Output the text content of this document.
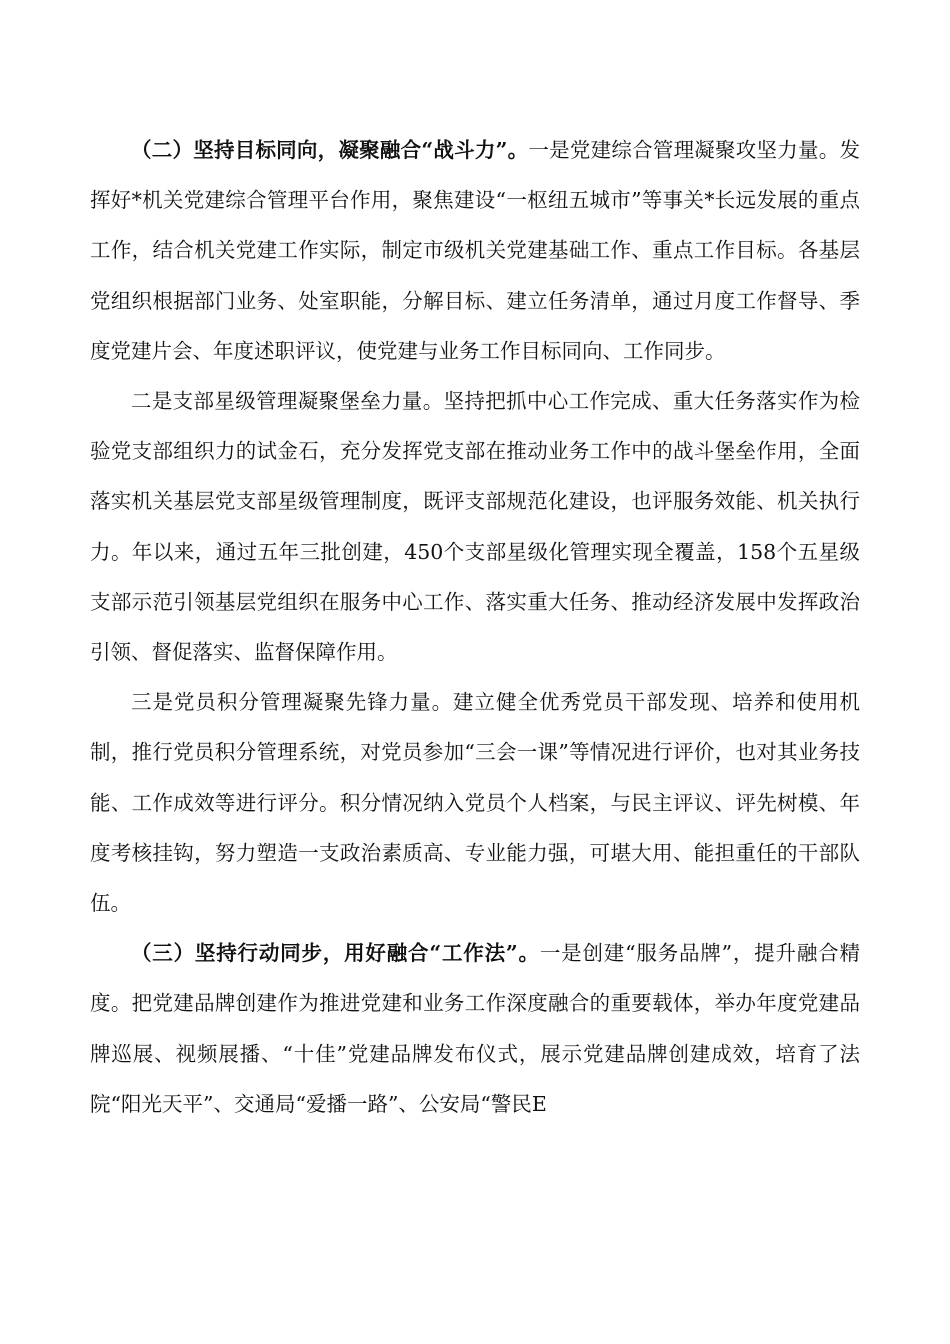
（二）坚持目标同向，凝聚融合“战斗力”。一是党建综合管理凝聚攻坚力量。发挥好*机关党建综合管理平台作用，聚焦建设“一枢纽五城市”等事关*长远发展的重点工作，结合机关党建工作实际，制定市级机关党建基础工作、重点工作目标。各基层党组织根据部门业务、处室职能，分解目标、建立任务清单，通过月度工作督导、季度党建片会、年度述职评议，使党建与业务工作目标同向、工作同步。

二是支部星级管理凝聚堡垒力量。坚持把抓中心工作完成、重大任务落实作为检验党支部组织力的试金石，充分发挥党支部在推动业务工作中的战斗堡垒作用，全面落实机关基层党支部星级管理制度，既评支部规范化建设，也评服务效能、机关执行力。年以来，通过五年三批创建，450个支部星级化管理实现全覆盖，158个五星级支部示范引领基层党组织在服务中心工作、落实重大任务、推动经济发展中发挥政治引领、督促落实、监督保障作用。

三是党员积分管理凝聚先锋力量。建立健全优秀党员干部发现、培养和使用机制，推行党员积分管理系统，对党员参加“三会一课”等情况进行评价，也对其业务技能、工作成效等进行评分。积分情况纳入党员个人档案，与民主评议、评先树模、年度考核挂钩，努力塑造一支政治素质高、专业能力强，可堪大用、能担重任的干部队伍。

（三）坚持行动同步，用好融合“工作法”。一是创建“服务品牌”，提升融合精度。把党建品牌创建作为推进党建和业务工作深度融合的重要载体，举办年度党建品牌巡展、视频展播、“十佳”党建品牌发布仪式，展示党建品牌创建成效，培育了法院“阳光天平”、交通局“爱播一路”、公安局“警民E
